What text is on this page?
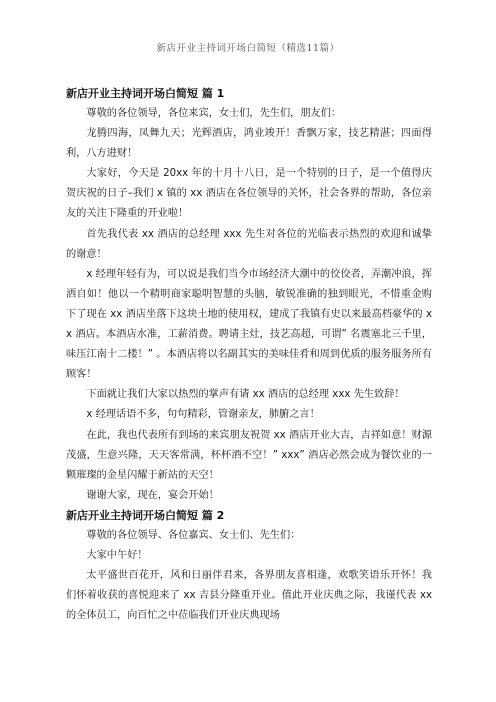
新店开业主持词开场白简短（精选11篇）

新店开业主持词开场白简短 篇 1

尊敬的各位领导，各位来宾，女士们，先生们，朋友们：

龙腾四海，凤舞九天；光辉酒店，鸿业竣开！香飘万家，技艺精湛；四面得利，八方进财！

大家好，今天是 20xx 年的十月十八日，是一个特别的日子，是一个值得庆贺庆祝的日子–我们 x 镇的 xx 酒店在各位领导的关怀，社会各界的帮助，各位亲友的关注下隆重的开业啦！

首先我代表 xx 酒店的总经理 xxx 先生对各位的光临表示热烈的欢迎和诚挚的谢意！

x 经理年轻有为，可以说是我们当今市场经济大潮中的佼佼者，弄潮冲浪，挥洒自如！他以一个精明商家聪明智慧的头脑，敏锐准确的独到眼光，不惜重金购下了现在 xx 酒店坐落下这块土地的使用权，建成了我镇有史以来最高档豪华的 xx 酒店。本酒店水准，工薪消费。聘请主灶，技艺高超，可谓” 名震塞北三千里，味压江南十二楼！” 。本酒店将以名副其实的美味佳肴和周到优质的服务服务所有顾客！

下面就让我们大家以热烈的掌声有请 xx 酒店的总经理 xxx 先生致辞！

x 经理话语不多，句句精彩，管谢亲友，肺腑之言！

在此，我也代表所有到场的来宾朋友祝贺 xx 酒店开业大吉，吉祥如意！财源茂盛，生意兴隆，天天客常满，杯杯酒不空！” xxx” 酒店必然会成为餐饮业的一颗璀璨的金星闪耀于新站的天空！

谢谢大家，现在，宴会开始！

新店开业主持词开场白简短 篇 2

尊敬的各位领导、各位嘉宾、女士们、先生们：

大家中午好！

太平盛世百花开，风和日丽伴君来，各界朋友喜相逢，欢歌笑语乐开怀！我们怀着收获的喜悦迎来了 xx 吉县分隆重开业。值此开业庆典之际，我谨代表 xx 的全体员工，向百忙之中莅临我们开业庆典现场
